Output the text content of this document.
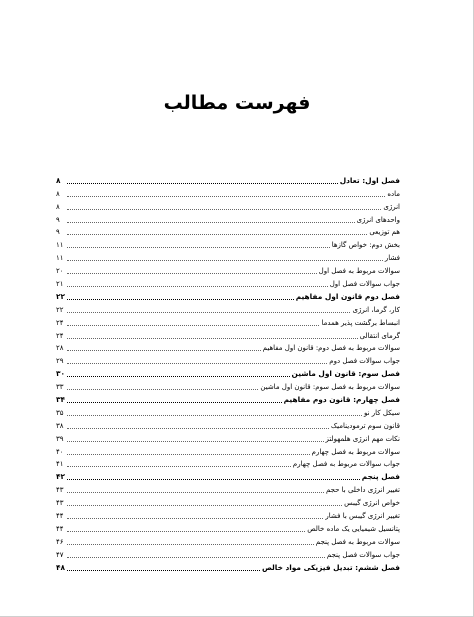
فهرست مطالب
فصل اول: تعادل
۸
ماده
۸
انرژی
۸
واحدهای انرژی
۹
هم توزیعی
۹
بخش دوم: خواص گازها
۱۱
فشار
۱۱
سوالات مربوط به فصل اول
۲۰
جواب سوالات فصل اول
۲۱
فصل دوم قانون اول مفاهیم
۲۲
کار، گرما، انرژی
۲۲
انبساط برگشت پذیر همدما
۲۴
گرمای انتقالی
۲۴
سوالات مربوط به فصل دوم: قانون اول مفاهیم
۲۸
جواب سوالات فصل دوم
۲۹
فصل سوم: قانون اول ماشین
۳۰
سوالات مربوط به فصل سوم: قانون اول ماشین
۳۳
فصل چهارم: قانون دوم مفاهیم
۳۴
سیکل کار نو
۳۵
قانون سوم ترمودینامیک
۳۸
نکات مهم انرژی هلمهولتز
۳۹
سوالات مربوط به فصل چهارم
۴۰
جواب سوالات مربوط به فصل چهارم
۴۱
فصل پنجم
۴۲
تغییر انرژی داخلی با حجم
۴۳
خواص انرژی گیبس
۴۳
تغییر انرژی گیبس با فشار
۴۴
پتانسیل شیمیایی یک ماده خالص
۴۴
سوالات مربوط به فصل پنجم
۴۶
جواب سوالات فصل پنجم
۴۷
فصل ششم: تبدیل فیزیکی مواد خالص
۴۸
